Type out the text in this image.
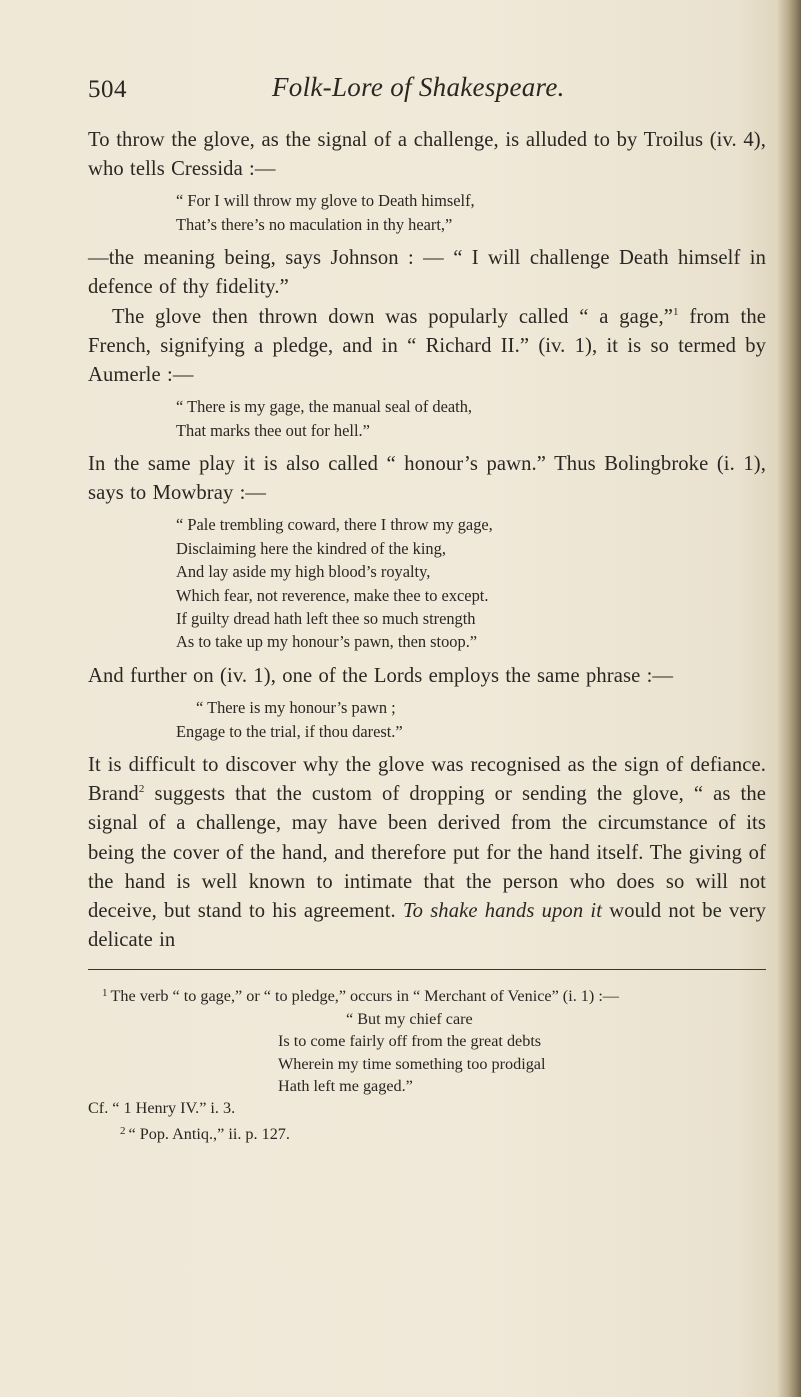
504	Folk-Lore of Shakespeare.

To throw the glove, as the signal of a challenge, is alluded to by Troilus (iv. 4), who tells Cressida :—

“ For I will throw my glove to Death himself,
That’s there’s no maculation in thy heart,”

—the meaning being, says Johnson : — “ I will challenge Death himself in defence of thy fidelity.”

The glove then thrown down was popularly called “ a gage,”$^1$ from the French, signifying a pledge, and in “ Richard II.” (iv. 1), it is so termed by Aumerle :—

“ There is my gage, the manual seal of death,
That marks thee out for hell.”

In the same play it is also called “ honour’s pawn.” Thus Bolingbroke (i. 1), says to Mowbray :—

“ Pale trembling coward, there I throw my gage,
Disclaiming here the kindred of the king,
And lay aside my high blood’s royalty,
Which fear, not reverence, make thee to except.
If guilty dread hath left thee so much strength
As to take up my honour’s pawn, then stoop.”

And further on (iv. 1), one of the Lords employs the same phrase :—

“ There is my honour’s pawn ;
Engage to the trial, if thou darest.”

It is difficult to discover why the glove was recognised as the sign of defiance. Brand$^2$ suggests that the custom of dropping or sending the glove, “ as the signal of a challenge, may have been derived from the circumstance of its being the cover of the hand, and therefore put for the hand itself. The giving of the hand is well known to intimate that the person who does so will not deceive, but stand to his agreement. To shake hands upon it would not be very delicate in

$^1$ The verb “ to gage,” or “ to pledge,” occurs in “ Merchant of Venice” (i. 1) :—

“ But my chief care
Is to come fairly off from the great debts
Wherein my time something too prodigal
Hath left me gaged.”

Cf. “ 1 Henry IV.” i. 3.

$^2$ “ Pop. Antiq.,” ii. p. 127.
